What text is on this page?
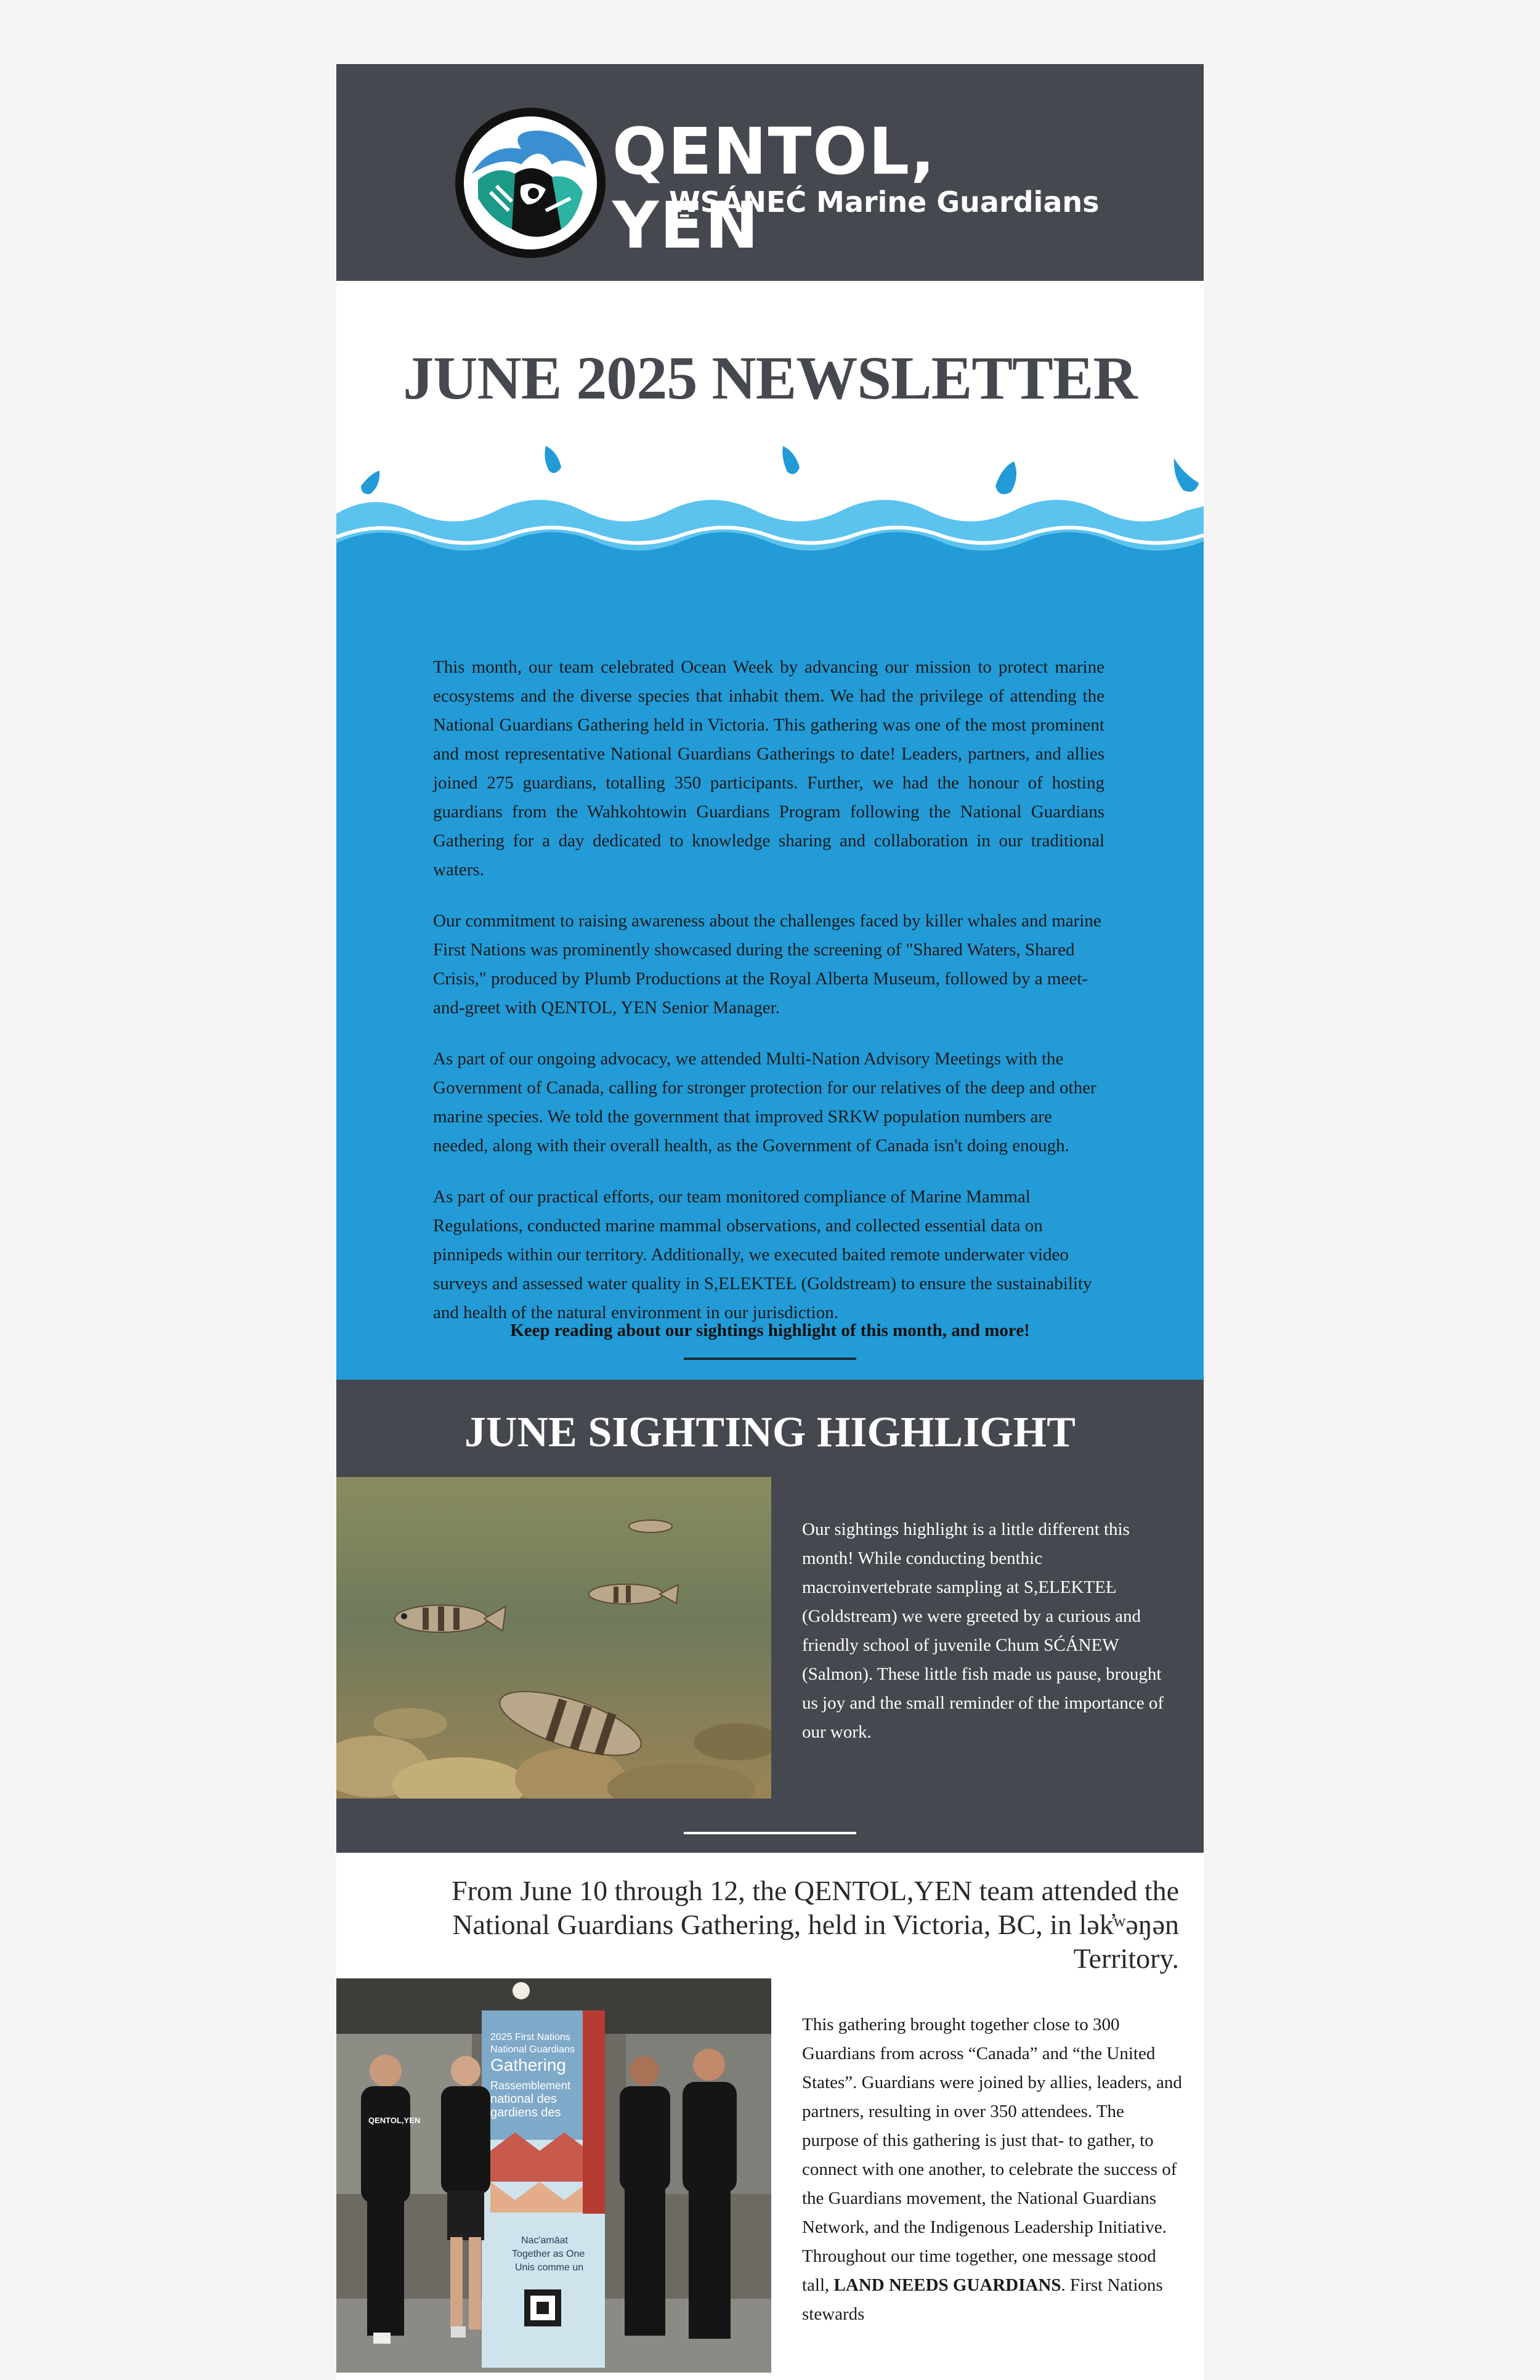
QENTOL, YEN
W̱SÁNEĆ Marine Guardians
JUNE 2025 NEWSLETTER

This month, our team celebrated Ocean Week by advancing our mission to protect marine ecosystems and the diverse species that inhabit them. We had the privilege of attending the National Guardians Gathering held in Victoria. This gathering was one of the most prominent and most representative National Guardians Gatherings to date! Leaders, partners, and allies joined 275 guardians, totalling 350 participants. Further, we had the honour of hosting guardians from the Wahkohtowin Guardians Program following the National Guardians Gathering for a day dedicated to knowledge sharing and collaboration in our traditional waters.

Our commitment to raising awareness about the challenges faced by killer whales and marine First Nations was prominently showcased during the screening of "Shared Waters, Shared Crisis," produced by Plumb Productions at the Royal Alberta Museum, followed by a meet-and-greet with QENTOL, YEN Senior Manager.

As part of our ongoing advocacy, we attended Multi-Nation Advisory Meetings with the Government of Canada, calling for stronger protection for our relatives of the deep and other marine species. We told the government that improved SRKW population numbers are needed, along with their overall health, as the Government of Canada isn't doing enough.

As part of our practical efforts, our team monitored compliance of Marine Mammal Regulations, conducted marine mammal observations, and collected essential data on pinnipeds within our territory. Additionally, we executed baited remote underwater video surveys and assessed water quality in S,ELEKTEȽ (Goldstream) to ensure the sustainability and health of the natural environment in our jurisdiction.

Keep reading about our sightings highlight of this month, and more!
JUNE SIGHTING HIGHLIGHT
Our sightings highlight is a little different this month! While conducting benthic macroinvertebrate sampling at S,ELEKTEȽ (Goldstream) we were greeted by a curious and friendly school of juvenile Chum SĆÁNEW (Salmon). These little fish made us pause, brought us joy and the small reminder of the importance of our work.
From June 10 through 12, the QENTOL,YEN team attended the National Guardians Gathering, held in Victoria, BC, in lək̓ʷəŋən Territory.
2025 First Nations
National Guardians
Gathering
Rassemblement
national des
gardiens des
Nac'amāat
Together as One
Unis comme un
QENTOL,YEN
This gathering brought together close to 300 Guardians from across “Canada” and “the United States”. Guardians were joined by allies, leaders, and partners, resulting in over 350 attendees. The purpose of this gathering is just that- to gather, to connect with one another, to celebrate the success of the Guardians movement, the National Guardians Network, and the Indigenous Leadership Initiative. Throughout our time together, one message stood tall, LAND NEEDS GUARDIANS. First Nations stewards
